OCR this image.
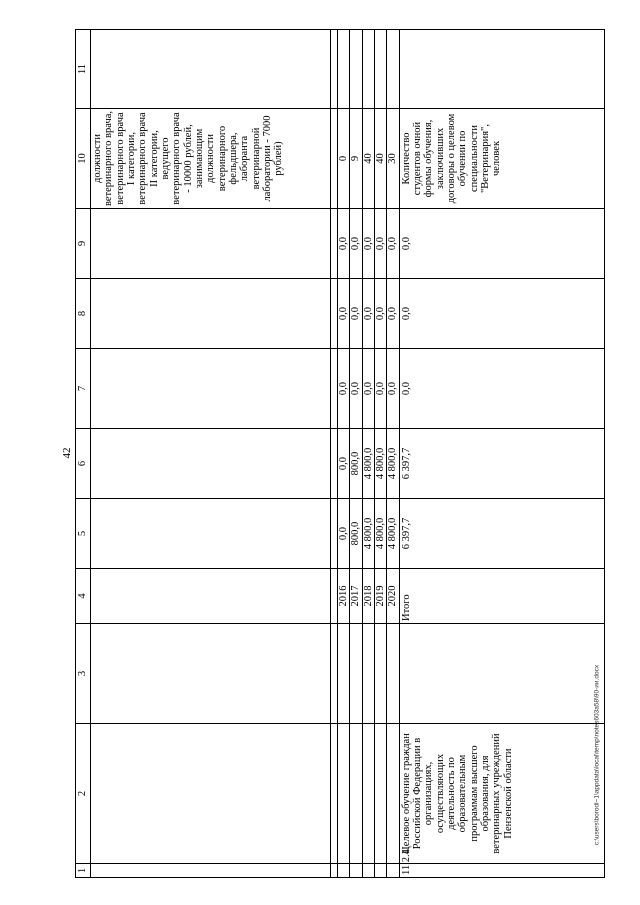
42
c:\users\borodi~1\appdata\local\temp\notes603a58\90-ии.docx
1	2	3	4	5	6	7	8	9	10	11
									должности ветеринарного врача, ветеринарного врача I категории, ветеринарного врача II категории, ведущего ветеринарного врача - 10000 рублей, занимающим должности ветеринарного фельдшера, лаборанта ветеринарной лаборатории - 7000 рублей)	

			2016	0,0	0,0	0,0	0,0	0,0	0	
			2017	800,0	800,0	0,0	0,0	0,0	9	
			2018	4 800,0	4 800,0	0,0	0,0	0,0	40	
			2019	4 800,0	4 800,0	0,0	0,0	0,0	40	
			2020	4 800,0	4 800,0	0,0	0,0	0,0	30	
11.2.4.	Целевое обучение граждан Российской Федерации в организациях, осуществляющих деятельность по образовательным программам высшего образования, для ветеринарных учреждений Пензенской области		Итого	6 397,7	6 397,7	0,0	0,0	0,0	Количество студентов очной формы обучения, заключивших договоры о целевом обучении по специальности "Ветеринария", человек	
